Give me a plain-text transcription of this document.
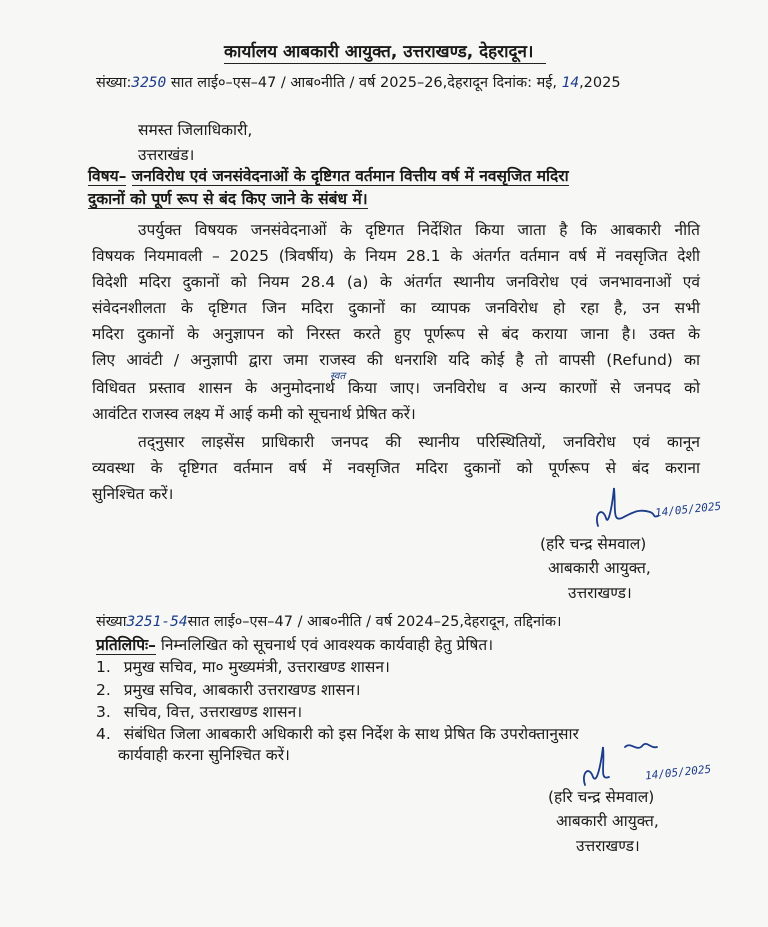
कार्यालय आबकारी आयुक्त, उत्तराखण्ड, देहरादून।
संख्या:3250 सात लाई०–एस–47 / आब०नीति / वर्ष 2025–26,देहरादून दिनांक: मई, 14,2025
समस्त जिलाधिकारी,
उत्तराखंड।
विषय– जनविरोध एवं जनसंवेदनाओं के दृष्टिगत वर्तमान वित्तीय वर्ष में नवसृजित मदिरा
दुकानों को पूर्ण रूप से बंद किए जाने के संबंध में।
उपर्युक्त विषयक जनसंवेदनाओं के दृष्टिगत निर्देशित किया जाता है कि आबकारी नीति
विषयक नियमावली – 2025 (त्रिवर्षीय) के नियम 28.1 के अंतर्गत वर्तमान वर्ष में नवसृजित देशी
विदेशी मदिरा दुकानों को नियम 28.4 (a) के अंतर्गत स्थानीय जनविरोध एवं जनभावनाओं एवं
संवेदनशीलता के दृष्टिगत जिन मदिरा दुकानों का व्यापक जनविरोध हो रहा है, उन सभी
मदिरा दुकानों के अनुज्ञापन को निरस्त करते हुए पूर्णरूप से बंद कराया जाना है। उक्त के
लिए आवंटी / अनुज्ञापी द्वारा जमा राजस्व की धनराशि यदि कोई है तो वापसी (Refund) का
स्वत
विधिवत प्रस्ताव शासन के अनुमोदनार्थ किया जाए। जनविरोध व अन्य कारणों से जनपद को
आवंटित राजस्व लक्ष्य में आई कमी को सूचनार्थ प्रेषित करें।
तद्नुसार लाइसेंस प्राधिकारी जनपद की स्थानीय परिस्थितियों, जनविरोध एवं कानून
व्यवस्था के दृष्टिगत वर्तमान वर्ष में नवसृजित मदिरा दुकानों को पूर्णरूप से बंद कराना
सुनिश्चित करें।
14/05/2025
(हरि चन्द्र सेमवाल)
आबकारी आयुक्त,
उत्तराखण्ड।
संख्या3251-54सात लाई०–एस–47 / आब०नीति / वर्ष 2024–25,देहरादून, तद्दिनांक।
प्रतिलिपिः– निम्नलिखित को सूचनार्थ एवं आवश्यक कार्यवाही हेतु प्रेषित।
1. प्रमुख सचिव, मा० मुख्यमंत्री, उत्तराखण्ड शासन।
2. प्रमुख सचिव, आबकारी उत्तराखण्ड शासन।
3. सचिव, वित्त, उत्तराखण्ड शासन।
4. संबंधित जिला आबकारी अधिकारी को इस निर्देश के साथ प्रेषित कि उपरोक्तानुसार
कार्यवाही करना सुनिश्चित करें।
14/05/2025
(हरि चन्द्र सेमवाल)
आबकारी आयुक्त,
उत्तराखण्ड।
